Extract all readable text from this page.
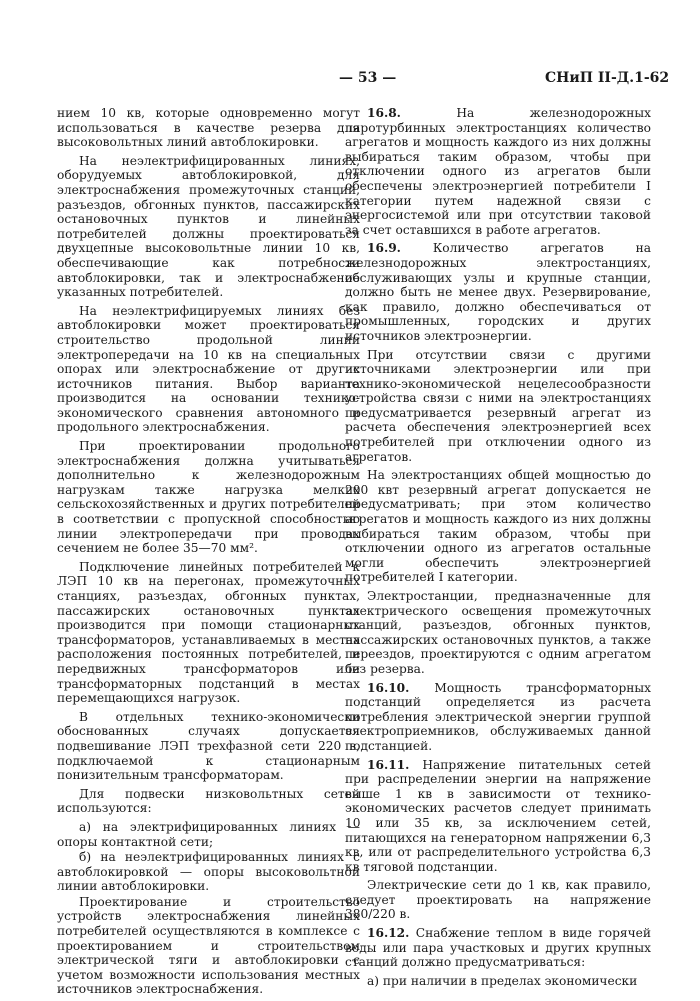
— 53 —	СНиП II-Д.1-62

нием 10 кв, которые одновременно могут использоваться в качестве резерва для высоковольтных линий автоблокировки.

На неэлектрифицированных линиях, оборудуемых автоблокировкой, для электроснабжения промежуточных станций, разъездов, обгонных пунктов, пассажирских остановочных пунктов и линейных потребителей должны проектироваться двухцепные высоковольтные линии 10 кв, обеспечивающие как потребности автоблокировки, так и электроснабжение указанных потребителей.

На неэлектрифицируемых линиях без автоблокировки может проектироваться строительство продольной линии электропередачи на 10 кв на специальных опорах или электроснабжение от других источников питания. Выбор варианта производится на основании технико-экономического сравнения автономного и продольного электроснабжения.

При проектировании продольного электроснабжения должна учитываться дополнительно к железнодорожным нагрузкам также нагрузка мелких сельскохозяйственных и других потребителей в соответствии с пропускной способностью линии электропередачи при проводах сечением не более 35—70 мм².

Подключение линейных потребителей к ЛЭП 10 кв на перегонах, промежуточных станциях, разъездах, обгонных пунктах, пассажирских остановочных пунктах производится при помощи стационарных трансформаторов, устанавливаемых в местах расположения постоянных потребителей, и передвижных трансформаторов или трансформаторных подстанций в местах перемещающихся нагрузок.

В отдельных технико-экономически обоснованных случаях допускается подвешивание ЛЭП трехфазной сети 220 в, подключаемой к стационарным понизительным трансформаторам.

Для подвески низковольтных сетей используются:

а) на электрифицированных линиях — опоры контактной сети;

б) на неэлектрифицированных линиях с автоблокировкой — опоры высоковольтной линии автоблокировки.

Проектирование и строительство устройств электроснабжения линейных потребителей осуществляются в комплексе с проектированием и строительством электрической тяги и автоблокировки с учетом возможности использования местных источников электроснабжения.

16.8. На железнодорожных паротурбинных электростанциях количество агрегатов и мощность каждого из них должны выбираться таким образом, чтобы при отключении одного из агрегатов были обеспечены электроэнергией потребители I категории путем надежной связи с энергосистемой или при отсутствии таковой за счет оставшихся в работе агрегатов.

16.9. Количество агрегатов на железнодорожных электростанциях, обслуживающих узлы и крупные станции, должно быть не менее двух. Резервирование, как правило, должно обеспечиваться от промышленных, городских и других источников электроэнергии.

При отсутствии связи с другими источниками электроэнергии или при технико-экономической нецелесообразности устройства связи с ними на электростанциях предусматривается резервный агрегат из расчета обеспечения электроэнергией всех потребителей при отключении одного из агрегатов.

На электростанциях общей мощностью до 200 квт резервный агрегат допускается не предусматривать; при этом количество агрегатов и мощность каждого из них должны выбираться таким образом, чтобы при отключении одного из агрегатов остальные могли обеспечить электроэнергией потребителей I категории.

Электростанции, предназначенные для электрического освещения промежуточных станций, разъездов, обгонных пунктов, пассажирских остановочных пунктов, а также переездов, проектируются с одним агрегатом без резерва.

16.10. Мощность трансформаторных подстанций определяется из расчета потребления электрической энергии группой электроприемников, обслуживаемых данной подстанцией.

16.11. Напряжение питательных сетей при распределении энергии на напряжение выше 1 кв в зависимости от технико-экономических расчетов следует принимать 10 или 35 кв, за исключением сетей, питающихся на генераторном напряжении 6,3 кв, или от распределительного устройства 6,3 кв тяговой подстанции.

Электрические сети до 1 кв, как правило, следует проектировать на напряжение 380/220 в.

16.12. Снабжение теплом в виде горячей воды или пара участковых и других крупных станций должно предусматриваться:

а) при наличии в пределах экономически
